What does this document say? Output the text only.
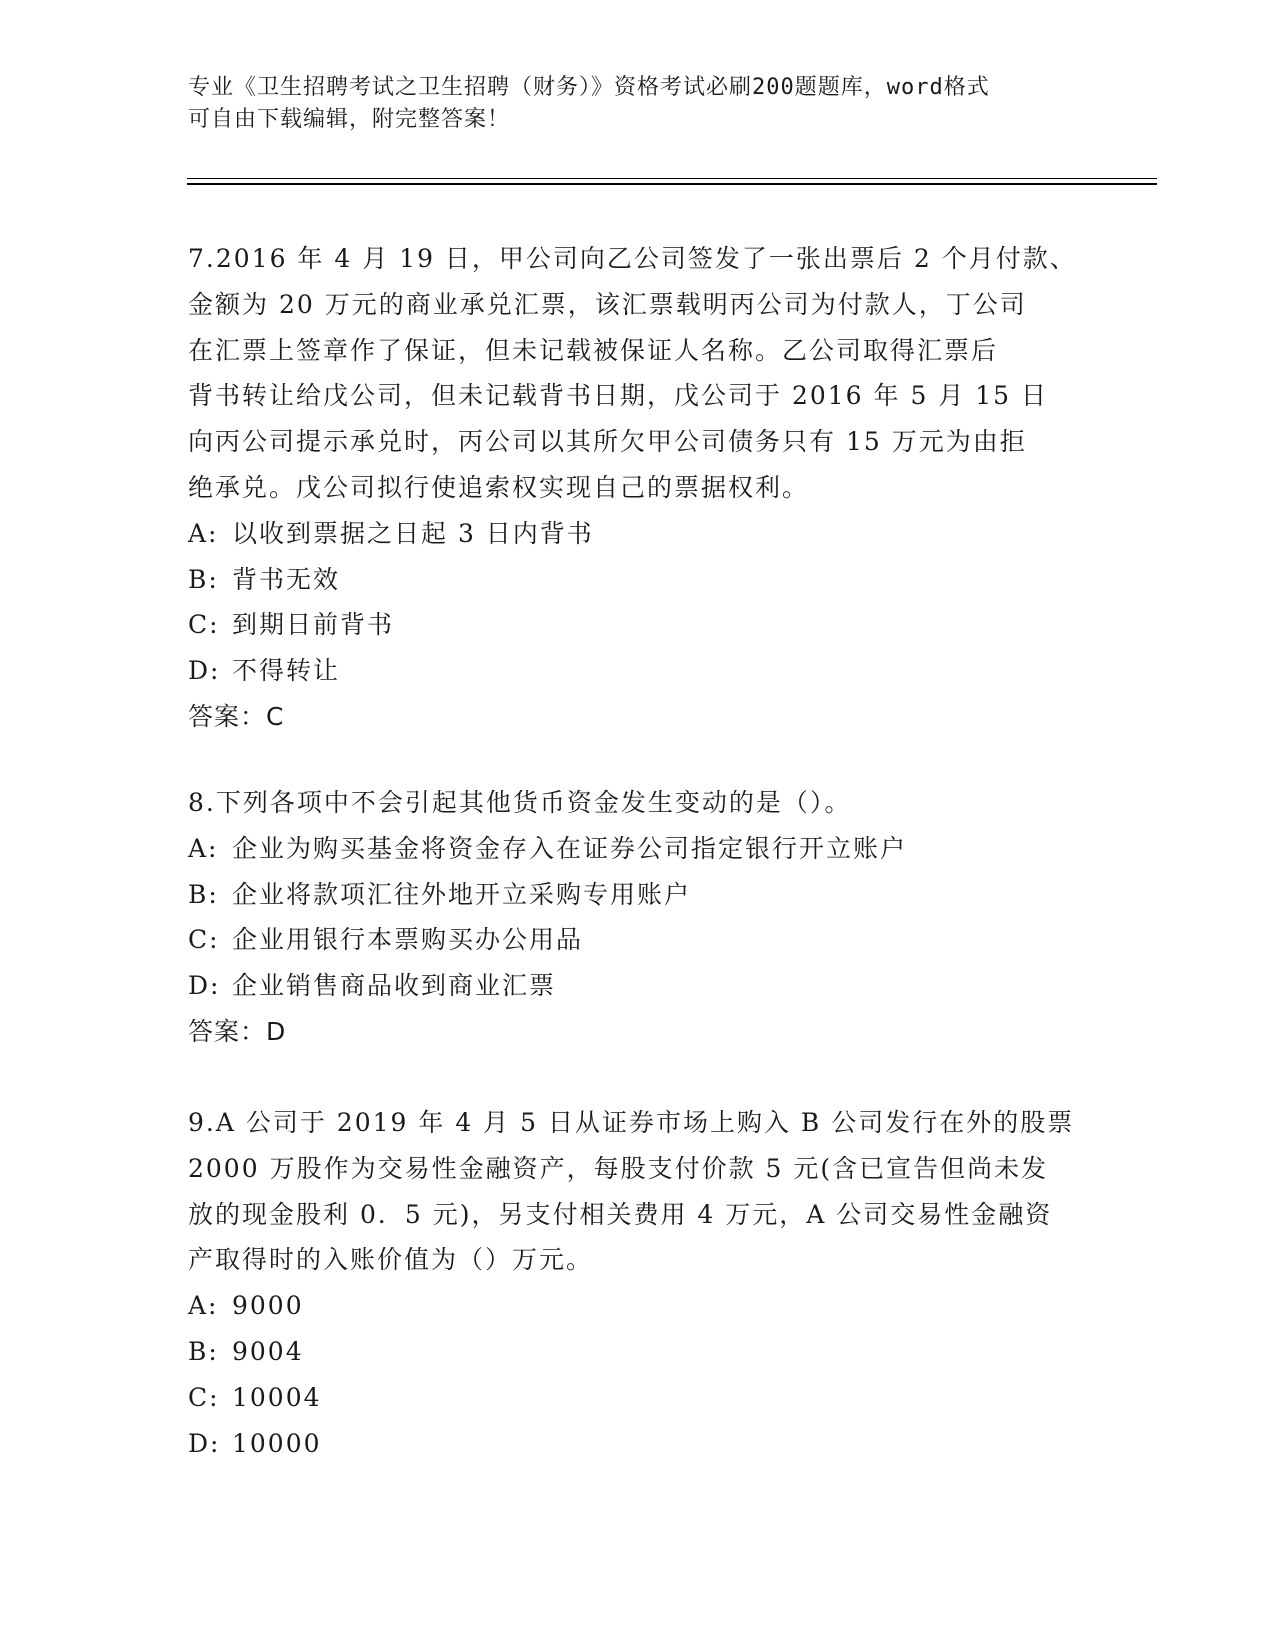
专业《卫生招聘考试之卫生招聘（财务）》资格考试必刷200题题库，word格式
可自由下载编辑，附完整答案！
7.2016 年 4 月 19 日，甲公司向乙公司签发了一张出票后 2 个月付款、
金额为 20 万元的商业承兑汇票，该汇票载明丙公司为付款人，丁公司
在汇票上签章作了保证，但未记载被保证人名称。乙公司取得汇票后
背书转让给戊公司，但未记载背书日期，戊公司于 2016 年 5 月 15 日
向丙公司提示承兑时，丙公司以其所欠甲公司债务只有 15 万元为由拒
绝承兑。戊公司拟行使追索权实现自己的票据权利。
A: 以收到票据之日起 3 日内背书
B: 背书无效
C: 到期日前背书
D: 不得转让
答案：C
8.下列各项中不会引起其他货币资金发生变动的是（）。
A: 企业为购买基金将资金存入在证券公司指定银行开立账户
B: 企业将款项汇往外地开立采购专用账户
C: 企业用银行本票购买办公用品
D: 企业销售商品收到商业汇票
答案：D
9.A 公司于 2019 年 4 月 5 日从证券市场上购入 B 公司发行在外的股票
2000 万股作为交易性金融资产，每股支付价款 5 元(含已宣告但尚未发
放的现金股利 0．5 元)，另支付相关费用 4 万元，A 公司交易性金融资
产取得时的入账价值为（）万元。
A: 9000
B: 9004
C: 10004
D: 10000
